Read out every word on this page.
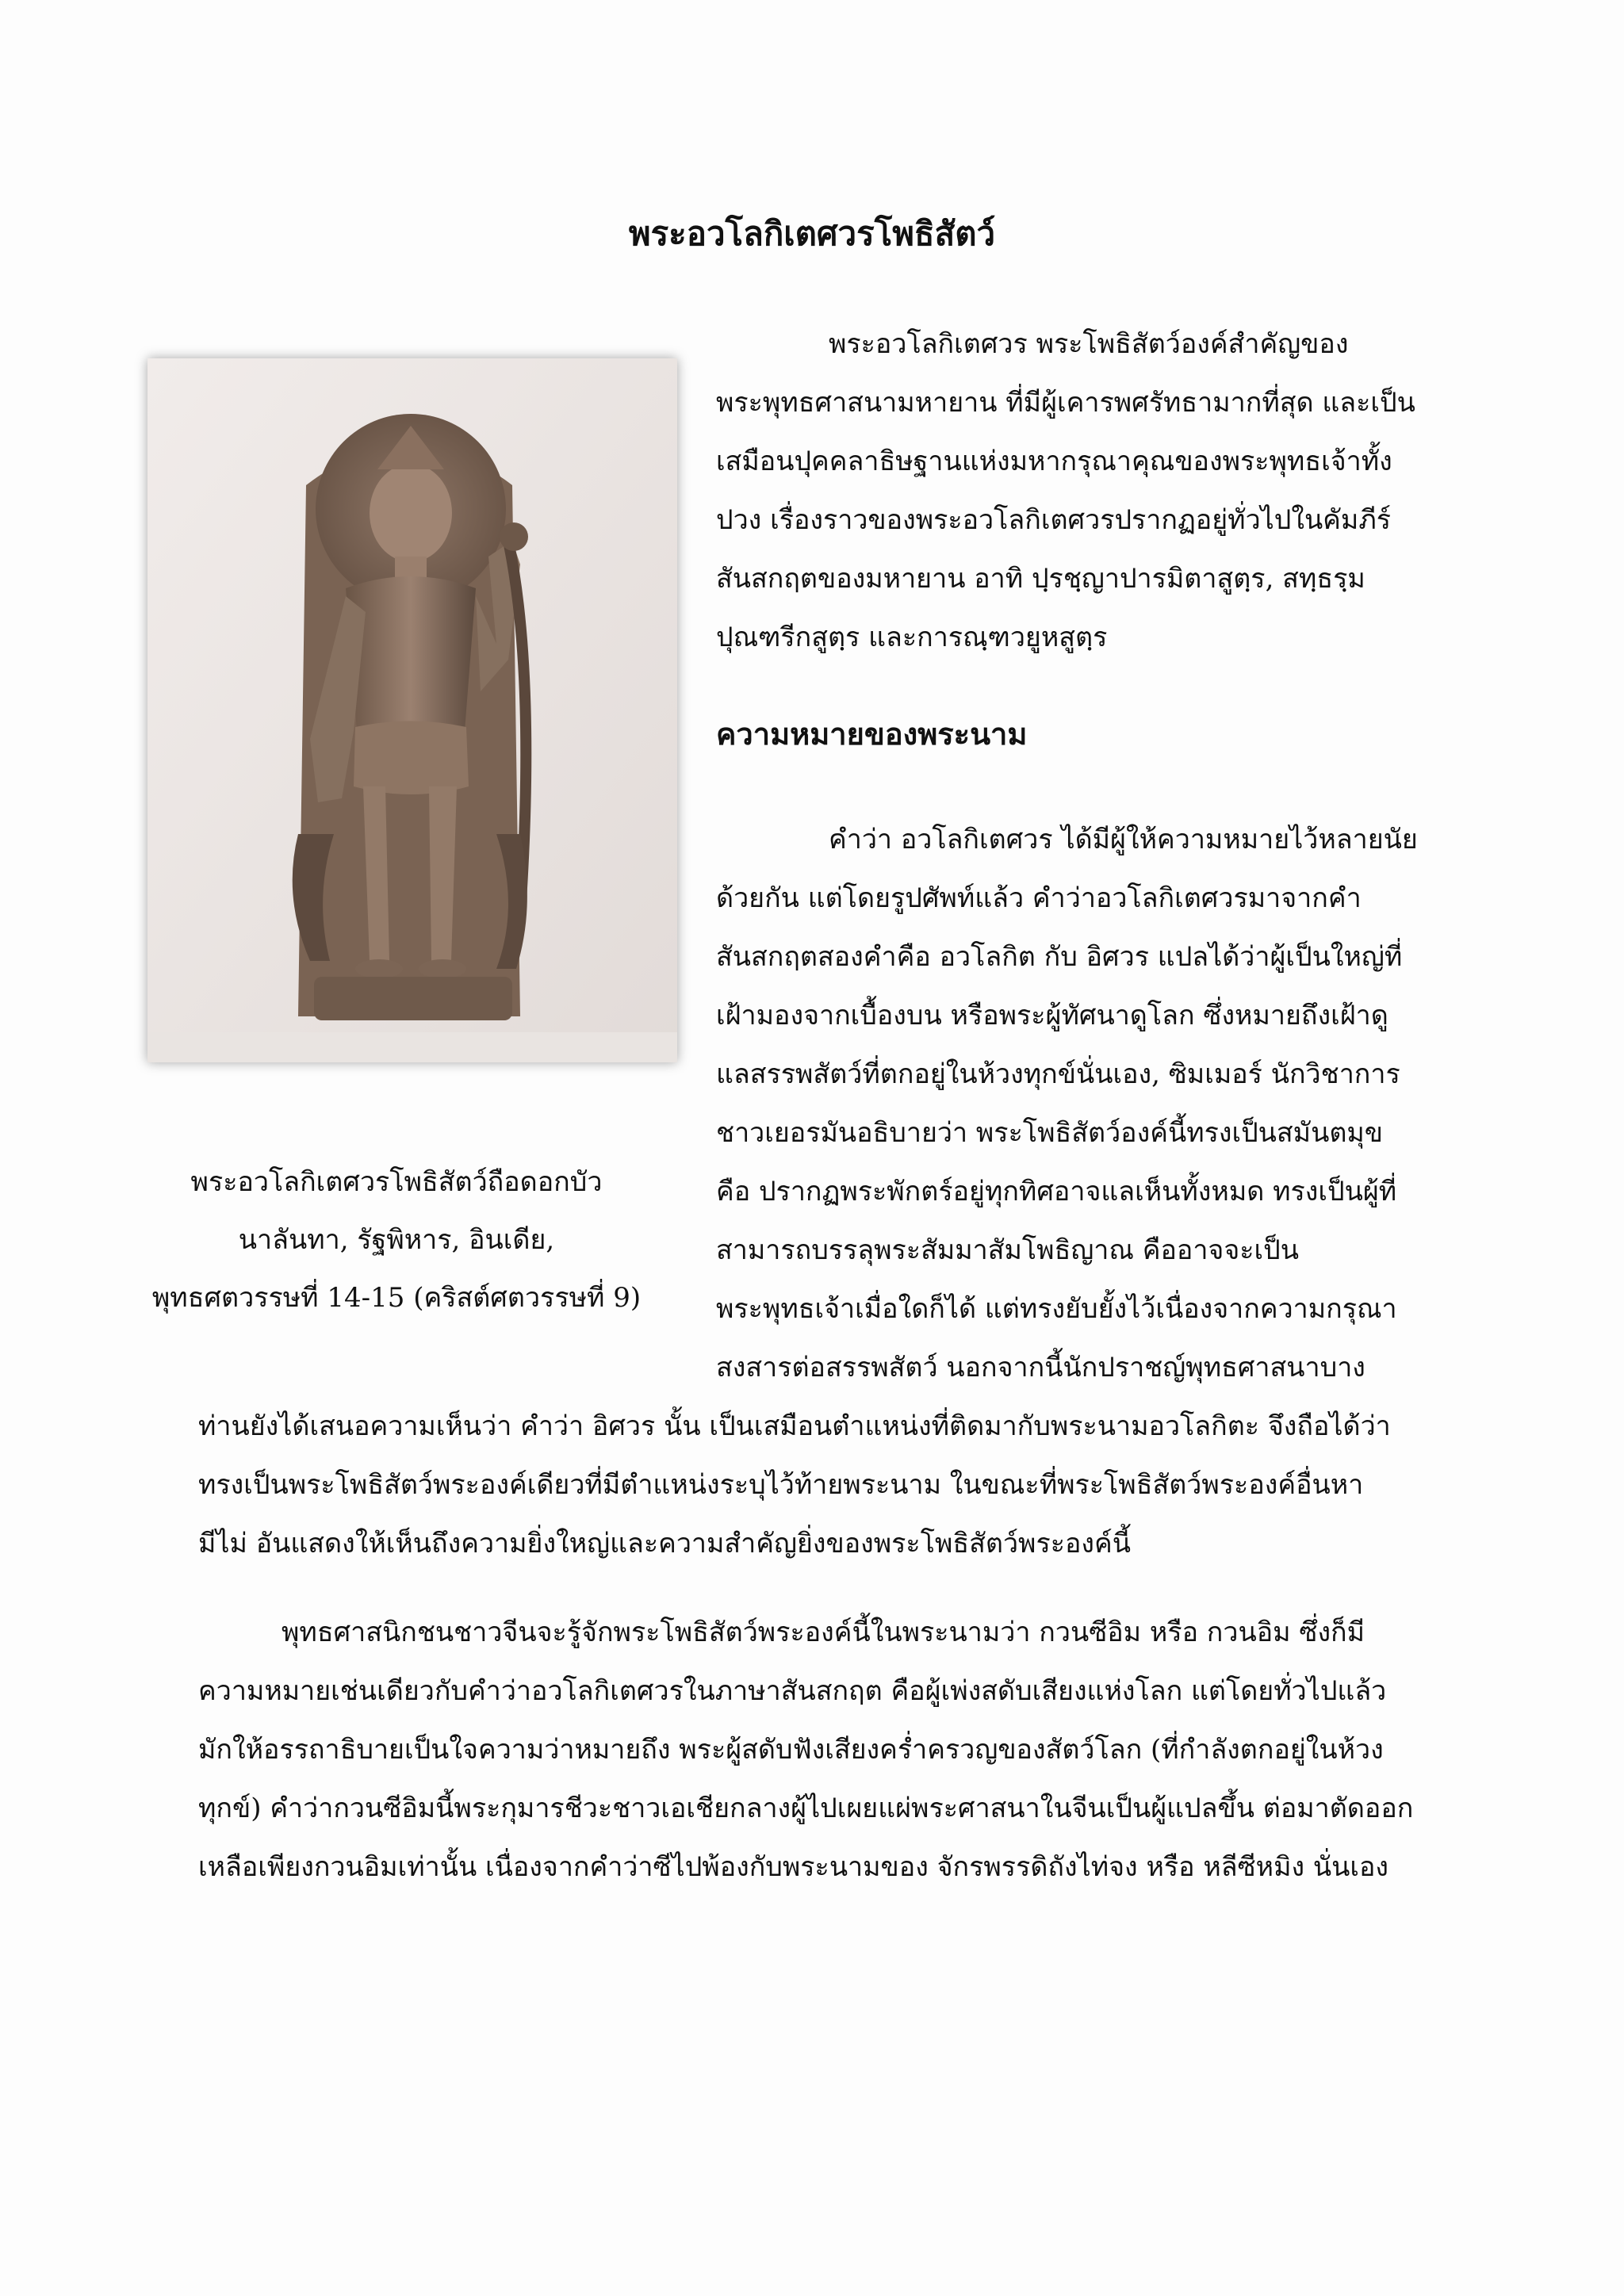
พระอวโลกิเตศวรโพธิสัตว์
พระอวโลกิเตศวรโพธิสัตว์ถือดอกบัว
นาลันทา, รัฐพิหาร, อินเดีย,
พุทธศตวรรษที่ 14-15 (คริสต์ศตวรรษที่ 9)
พระอวโลกิเตศวร พระโพธิสัตว์องค์สำคัญของ
พระพุทธศาสนามหายาน ที่มีผู้เคารพศรัทธามากที่สุด และเป็น
เสมือนปุคคลาธิษฐานแห่งมหากรุณาคุณของพระพุทธเจ้าทั้ง
ปวง เรื่องราวของพระอวโลกิเตศวรปรากฏอยู่ทั่วไปในคัมภีร์
สันสกฤตของมหายาน อาทิ ปฺรชฺญาปารมิตาสูตฺร, สทฺธรฺม
ปุณฑรีกสูตฺร และการณฺฑวยูหสูตฺร
ความหมายของพระนาม
คำว่า อวโลกิเตศวร ได้มีผู้ให้ความหมายไว้หลายนัย
ด้วยกัน แต่โดยรูปศัพท์แล้ว คำว่าอวโลกิเตศวรมาจากคำ
สันสกฤตสองคำคือ อวโลกิต กับ อิศวร แปลได้ว่าผู้เป็นใหญ่ที่
เฝ้ามองจากเบื้องบน หรือพระผู้ทัศนาดูโลก ซึ่งหมายถึงเฝ้าดู
แลสรรพสัตว์ที่ตกอยู่ในห้วงทุกข์นั่นเอง, ซิมเมอร์ นักวิชาการ
ชาวเยอรมันอธิบายว่า พระโพธิสัตว์องค์นี้ทรงเป็นสมันตมุข
คือ ปรากฏพระพักตร์อยู่ทุกทิศอาจแลเห็นทั้งหมด ทรงเป็นผู้ที่
สามารถบรรลุพระสัมมาสัมโพธิญาณ คืออาจจะเป็น
พระพุทธเจ้าเมื่อใดก็ได้ แต่ทรงยับยั้งไว้เนื่องจากความกรุณา
สงสารต่อสรรพสัตว์ นอกจากนี้นักปราชญ์พุทธศาสนาบาง
ท่านยังได้เสนอความเห็นว่า คำว่า อิศวร นั้น เป็นเสมือนตำแหน่งที่ติดมากับพระนามอวโลกิตะ จึงถือได้ว่า
ทรงเป็นพระโพธิสัตว์พระองค์เดียวที่มีตำแหน่งระบุไว้ท้ายพระนาม ในขณะที่พระโพธิสัตว์พระองค์อื่นหา
มีไม่ อันแสดงให้เห็นถึงความยิ่งใหญ่และความสำคัญยิ่งของพระโพธิสัตว์พระองค์นี้
พุทธศาสนิกชนชาวจีนจะรู้จักพระโพธิสัตว์พระองค์นี้ในพระนามว่า กวนซีอิม หรือ กวนอิม ซึ่งก็มี
ความหมายเช่นเดียวกับคำว่าอวโลกิเตศวรในภาษาสันสกฤต คือผู้เพ่งสดับเสียงแห่งโลก แต่โดยทั่วไปแล้ว
มักให้อรรถาธิบายเป็นใจความว่าหมายถึง พระผู้สดับฟังเสียงคร่ำครวญของสัตว์โลก (ที่กำลังตกอยู่ในห้วง
ทุกข์) คำว่ากวนซีอิมนี้พระกุมารชีวะชาวเอเชียกลางผู้ไปเผยแผ่พระศาสนาในจีนเป็นผู้แปลขึ้น ต่อมาตัดออก
เหลือเพียงกวนอิมเท่านั้น เนื่องจากคำว่าซีไปพ้องกับพระนามของ จักรพรรดิถังไท่จง หรือ หลีซีหมิง นั่นเอง
